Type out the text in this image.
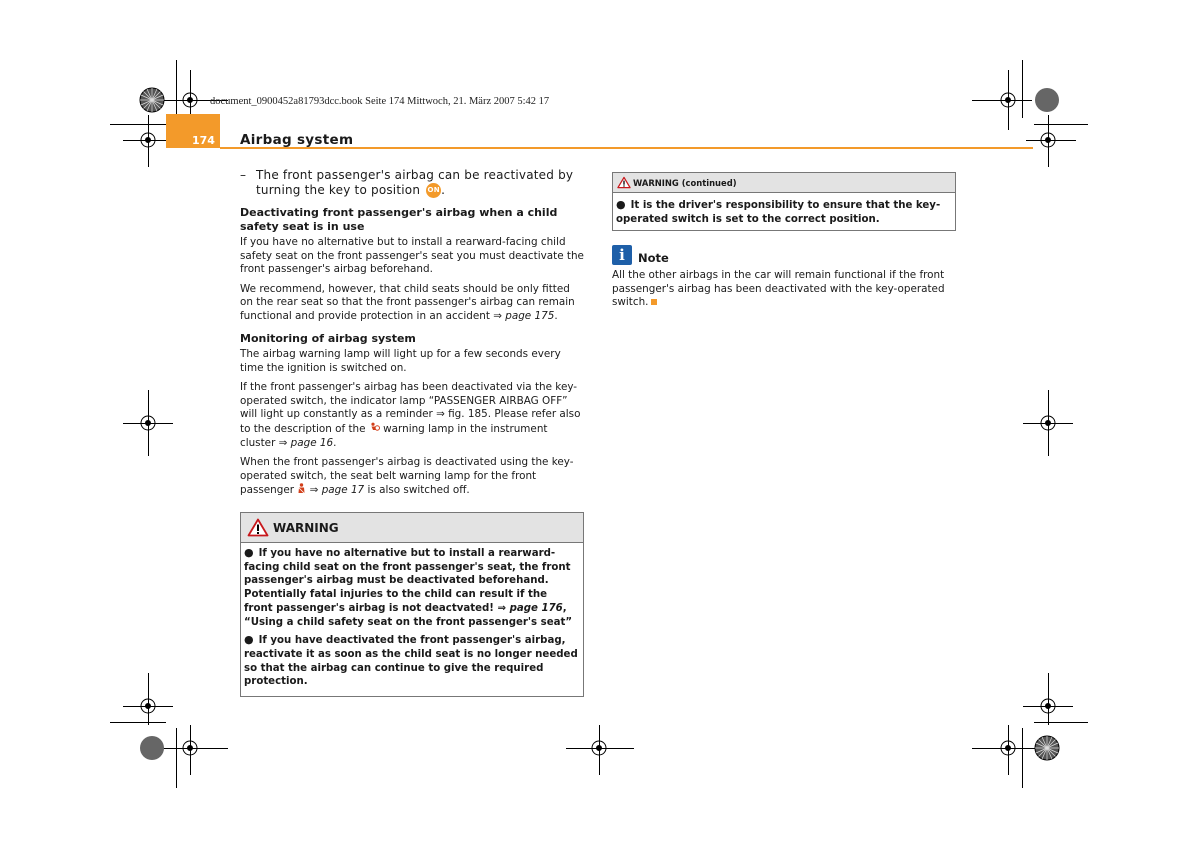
document_0900452a81793dcc.book Seite 174 Mittwoch, 21. März 2007 5:42 17
174 Airbag system
– The front passenger's airbag can be reactivated by turning the key to position ON.
Deactivating front passenger's airbag when a child safety seat is in use

If you have no alternative but to install a rearward-facing child safety seat on the front passenger's seat you must deactivate the front passenger's airbag beforehand.

We recommend, however, that child seats should be only fitted on the rear seat so that the front passenger's airbag can remain functional and provide protection in an accident ⇒ page 175.

Monitoring of airbag system

The airbag warning lamp will light up for a few seconds every time the ignition is switched on.

If the front passenger's airbag has been deactivated via the key-operated switch, the indicator lamp “PASSENGER AIRBAG OFF” will light up constantly as a reminder ⇒ fig. 185. Please refer also to the description of the warning lamp in the instrument cluster ⇒ page 16.

When the front passenger's airbag is deactivated using the key-operated switch, the seat belt warning lamp for the front passenger ⇒ page 17 is also switched off.

WARNING

● If you have no alternative but to install a rearward-facing child seat on the front passenger's seat, the front passenger's airbag must be deactivated beforehand. Potentially fatal injuries to the child can result if the front passenger's airbag is not deactvated! ⇒ page 176, “Using a child safety seat on the front passenger's seat”

● If you have deactivated the front passenger's airbag, reactivate it as soon as the child seat is no longer needed so that the airbag can continue to give the required protection.

WARNING (continued)

● It is the driver's responsibility to ensure that the key-operated switch is set to the correct position.

i	Note

All the other airbags in the car will remain functional if the front passenger's airbag has been deactivated with the key-operated switch.
